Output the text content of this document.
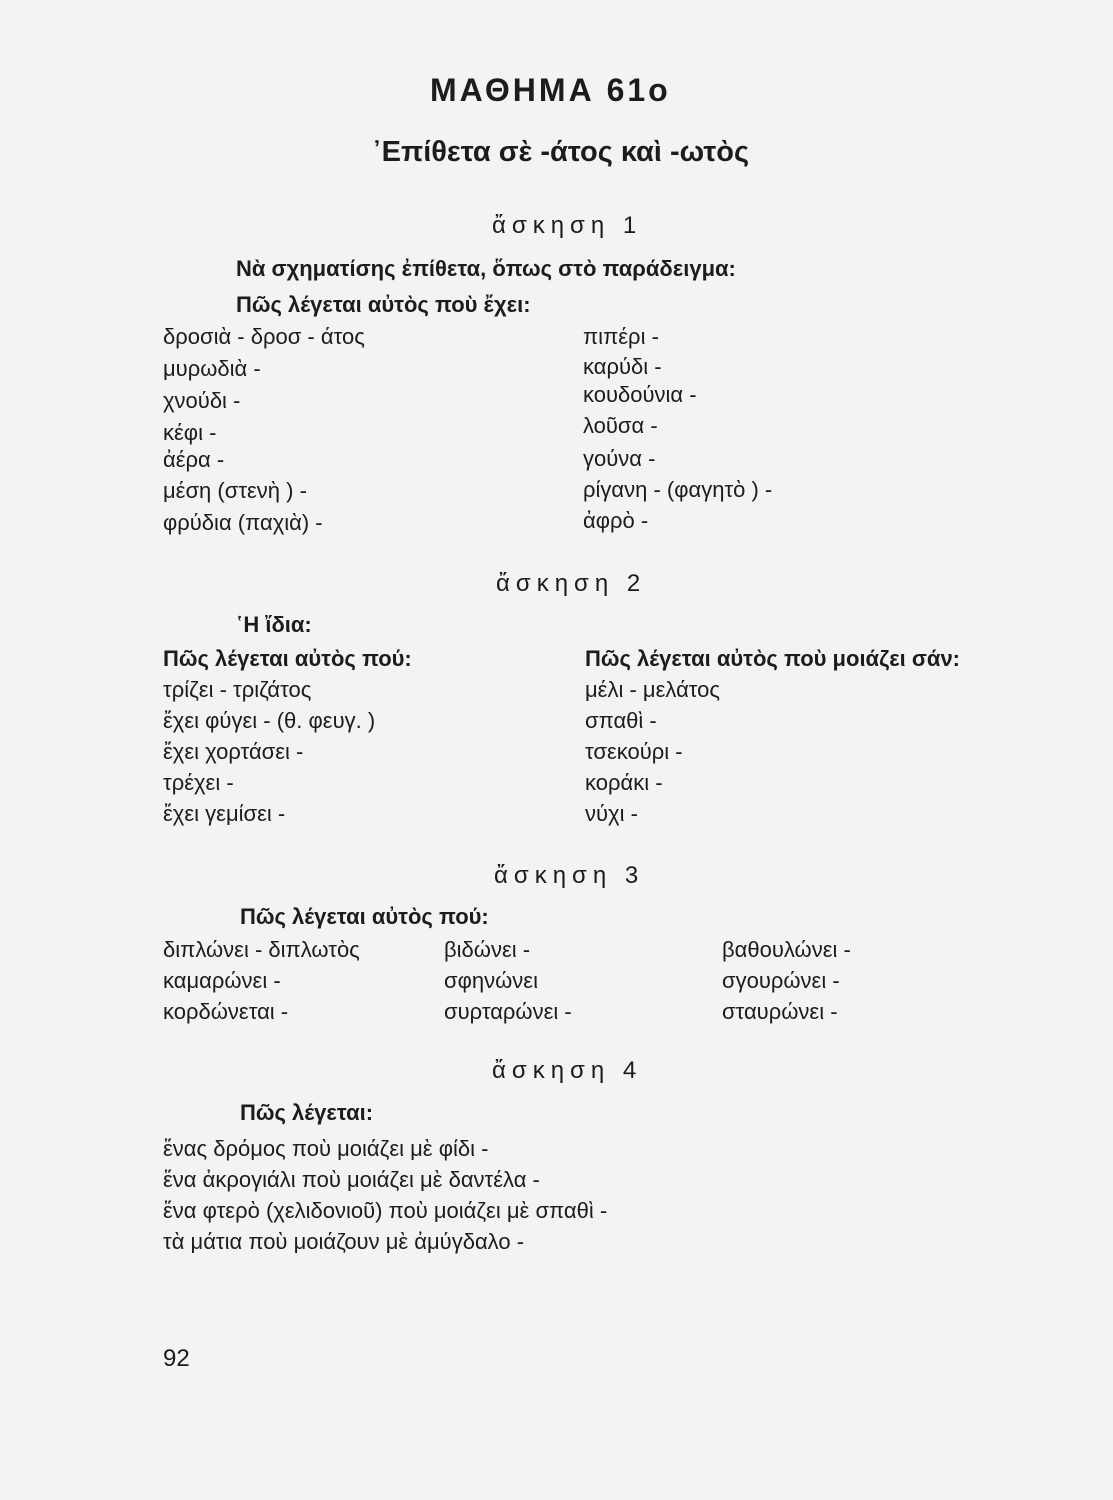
ΜΑΘΗΜΑ 61ο
᾿Επίθετα σὲ -άτος καὶ -ωτὸς
ἄσκηση 1
Νὰ σχηματίσης ἐπίθετα, ὅπως στὸ παράδειγμα:
Πῶς λέγεται αὐτὸς ποὺ ἔχει:
δροσιὰ - δροσ - άτος
μυρωδιὰ -
χνούδι -
κέφι -
ἀέρα -
μέση (στενὴ ) -
φρύδια (παχιὰ) -
πιπέρι -
καρύδι -
κουδούνια -
λοῦσα -
γούνα -
ρίγανη - (φαγητὸ ) -
ἀφρὸ -
ἄσκηση 2
῾Η ἴδια:
Πῶς λέγεται αὐτὸς πού:	Πῶς λέγεται αὐτὸς ποὺ μοιάζει σάν:
τρίζει - τριζάτος
ἔχει φύγει - (θ. φευγ. )
ἔχει χορτάσει -
τρέχει -
ἔχει γεμίσει -
μέλι - μελάτος
σπαθὶ -
τσεκούρι -
κοράκι -
νύχι -
ἄσκηση 3
Πῶς λέγεται αὐτὸς πού:
διπλώνει - διπλωτὸς
καμαρώνει -
κορδώνεται -
βιδώνει -
σφηνώνει
συρταρώνει -
βαθουλώνει -
σγουρώνει -
σταυρώνει -
ἄσκηση 4
Πῶς λέγεται:
ἕνας δρόμος ποὺ μοιάζει μὲ φίδι -
ἕνα ἀκρογιάλι ποὺ μοιάζει μὲ δαντέλα -
ἕνα φτερὸ (χελιδονιοῦ) ποὺ μοιάζει μὲ σπαθὶ -
τὰ μάτια ποὺ μοιάζουν μὲ ἀμύγδαλο -
92
